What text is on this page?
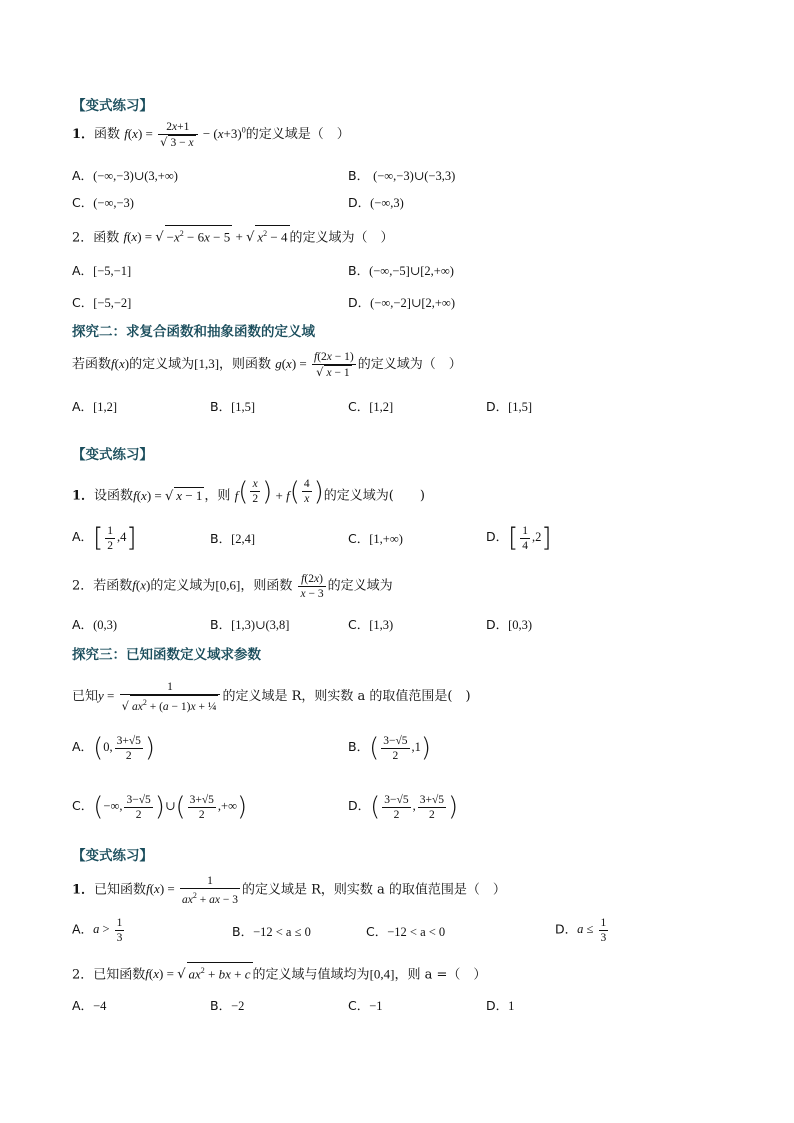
【变式练习】
1．函数 $f(x) = \frac{2x+1}{√ 3 - x} - (x+3)^0$的定义域是（　）
A．(−∞,−3)∪(3,+∞)	B． (−∞,−3)∪(−3,3)
C．(−∞,−3)	D．(−∞,3)
2．函数 f(x) = √ $-x^2 - 6x - 5$ + √ $x^2 - 4$ 的定义域为（　）
A．[−5,−1]	B．(−∞,−5]∪[2,+∞)
C．[−5,−2]	D．(−∞,−2]∪[2,+∞)
探究二：求复合函数和抽象函数的定义域
若函数f(x)的定义域为[1,3]，则函数 $g(x) = \frac{f(2x - 1)}{√ x - 1}$ 的定义域为（　）
A．[1,2]	B．[1,5]	C．[1,2]	D．[1,5]
【变式练习】
1．设函数f(x) = √ x − 1 ，则 f ( $\frac{x}{2}$ ) + f ( $\frac{4}{x}$ ) 的定义域为(　　)
A．[ $\frac{1}{2} ,4$]	B．[2,4]	C．[1,+∞)	D．[ $\frac{1}{4} ,2$]
2．若函数f(x)的定义域为[0,6]，则函数 $\frac{f(2x)}{x - 3}$ 的定义域为
A．(0,3)	B．[1,3)∪(3,8]	C．[1,3)	D．[0,3)
探究三：已知函数定义域求参数
已知$y = \frac{1}{√ ax^2 + (a - 1)x + \frac{1}{4}}$ 的定义域是 R，则实数 a 的取值范围是(　)
A．(0, $\frac{3+√5}{2}$ )	B．( $\frac{3-√5}{2} ,1$)
C．(−∞, $\frac{3-√5}{2}$ )∪( $\frac{3+√5}{2}$ ,+∞)	D．( $\frac{3-√5}{2}$ , $\frac{3+√5}{2}$ )
【变式练习】
1．已知函数$f(x) = \frac{1}{ax^2 + ax - 3}$ 的定义域是 R，则实数 a 的取值范围是（　）
A．$a > \frac{1}{3}$	B．−12 < a ≤ 0	C．−12 < a < 0	D．$a \le \frac{1}{3}$
2．已知函数f(x) = √ $ax^2$ + bx + c 的定义域与值域均为[0,4]，则 a =（　）
A．−4	B．−2	C．−1	D．1
